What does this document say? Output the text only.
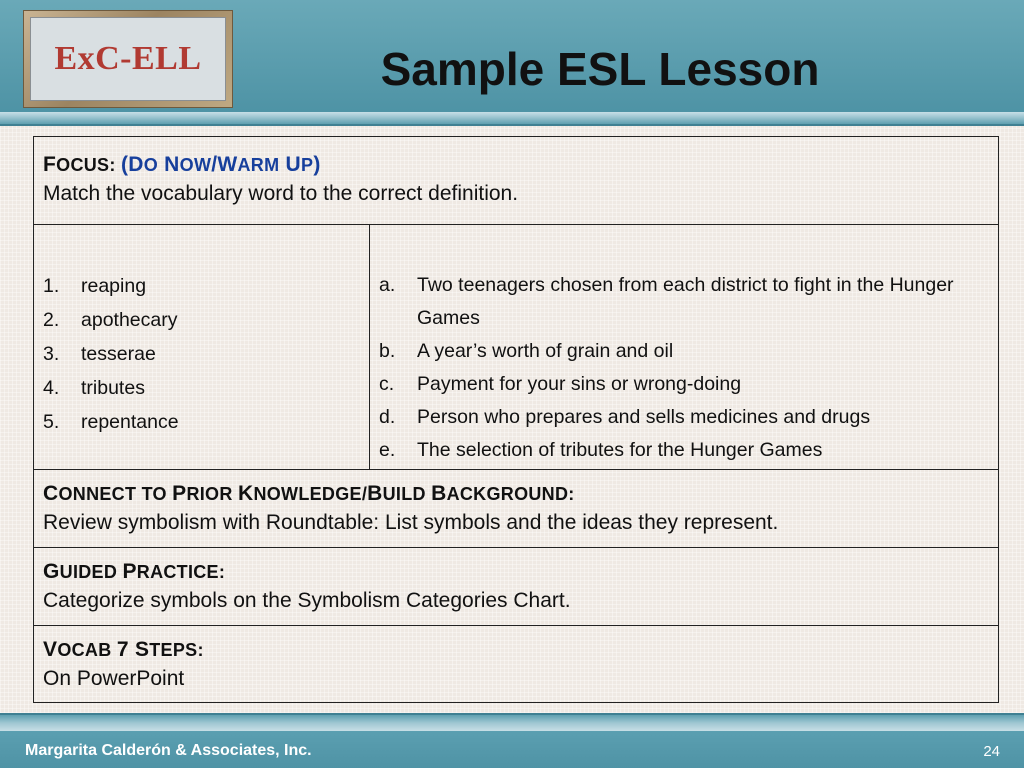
ExC-ELL	Sample ESL Lesson
FOCUS: (DO NOW/WARM UP)
Match the vocabulary word to the correct definition.

1.	reaping
2.	apothecary
3.	tesserae
4.	tributes
5.	repentance

a.	Two teenagers chosen from each district to fight in the Hunger Games
b.	A year’s worth of grain and oil
c.	Payment for your sins or wrong-doing
d.	Person who prepares and sells medicines and drugs
e.	The selection of tributes for the Hunger Games

CONNECT TO PRIOR KNOWLEDGE/BUILD BACKGROUND:
Review symbolism with Roundtable: List symbols and the ideas they represent.

GUIDED PRACTICE:
Categorize symbols on the Symbolism Categories Chart.

VOCAB 7 STEPS:
On PowerPoint
Margarita Calderón & Associates, Inc.	24
